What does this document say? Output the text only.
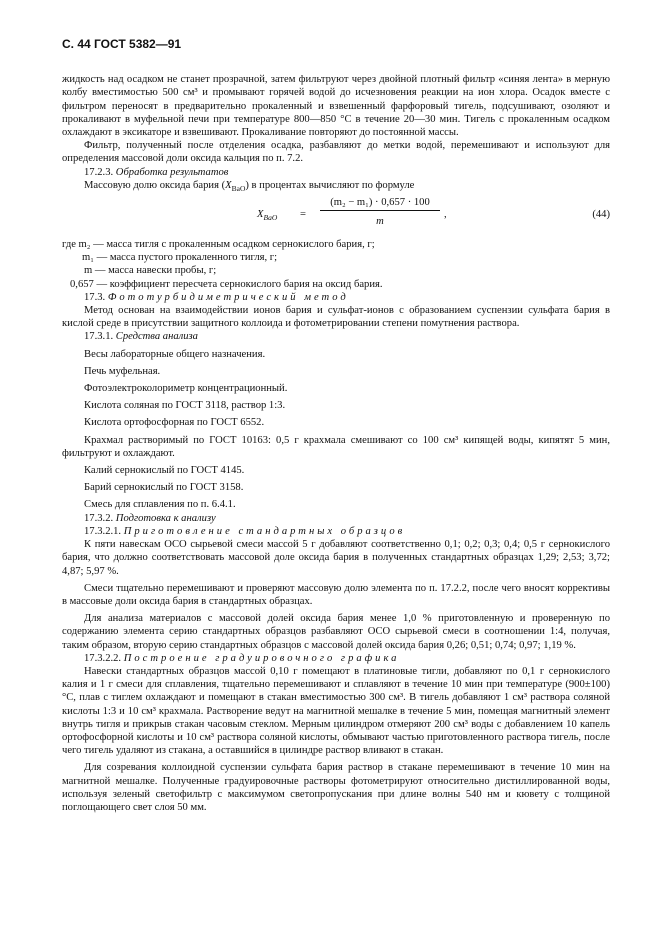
С. 44 ГОСТ 5382—91

жидкость над осадком не станет прозрачной, затем фильтруют через двойной плотный фильтр «синяя лента» в мерную колбу вместимостью 500 см³ и промывают горячей водой до исчезновения реакции на ион хлора. Осадок вместе с фильтром переносят в предварительно прокаленный и взвешенный фарфоровый тигель, подсушивают, озоляют и прокаливают в муфельной печи при температуре 800—850 °С в течение 20—30 мин. Тигель с прокаленным осадком охлаждают в эксикаторе и взвешивают. Прокаливание повторяют до постоянной массы.

Фильтр, полученный после отделения осадка, разбавляют до метки водой, перемешивают и используют для определения массовой доли оксида кальция по п. 7.2.

17.2.3. Обработка результатов

Массовую долю оксида бария $(X_{BaO})$ в процентах вычисляют по формуле

$X_{BaO}$ =
(m₂ − m₁) · 0,657 · 100
m
,	(44)
где m₂ — масса тигля с прокаленным осадком сернокислого бария, г;
m₁ — масса пустого прокаленного тигля, г;
m — масса навески пробы, г;
0,657 — коэффициент пересчета сернокислого бария на оксид бария.

17.3. Фотoтурбидиметрический метод

Метод основан на взаимодействии ионов бария и сульфат-ионов с образованием суспензии сульфата бария в кислой среде в присутствии защитного коллоида и фотометрировании степени помутнения раствора.

17.3.1. Средства анализа

Весы лабораторные общего назначения.

Печь муфельная.

Фотоэлектроколориметр концентрационный.

Кислота соляная по ГОСТ 3118, раствор 1:3.

Кислота ортофосфорная по ГОСТ 6552.

Крахмал растворимый по ГОСТ 10163: 0,5 г крахмала смешивают со 100 см³ кипящей воды, кипятят 5 мин, фильтруют и охлаждают.

Калий сернокислый по ГОСТ 4145.

Барий сернокислый по ГОСТ 3158.

Смесь для сплавления по п. 6.4.1.

17.3.2. Подготовка к анализу

17.3.2.1. Приготовление стандартных образцов

К пяти навескам ОСО сырьевой смеси массой 5 г добавляют соответственно 0,1; 0,2; 0,3; 0,4; 0,5 г сернокислого бария, что должно соответствовать массовой доле оксида бария в полученных стандартных образцах 1,29; 2,53; 3,72; 4,87; 5,97 %.

Смеси тщательно перемешивают и проверяют массовую долю элемента по п. 17.2.2, после чего вносят коррективы в массовые доли оксида бария в стандартных образцах.

Для анализа материалов с массовой долей оксида бария менее 1,0 % приготовленную и проверенную по содержанию элемента серию стандартных образцов разбавляют ОСО сырьевой смеси в соотношении 1:4, получая, таким образом, вторую серию стандартных образцов с массовой долей оксида бария 0,26; 0,51; 0,74; 0,97; 1,19 %.

17.3.2.2. Построение градуировочного графика

Навески стандартных образцов массой 0,10 г помещают в платиновые тигли, добавляют по 0,1 г сернокислого калия и 1 г смеси для сплавления, тщательно перемешивают и сплавляют в течение 10 мин при температуре (900±100) °С, плав с тиглем охлаждают и помещают в стакан вместимостью 300 см³. В тигель добавляют 1 см³ раствора соляной кислоты 1:3 и 10 см³ крахмала. Растворение ведут на магнитной мешалке в течение 5 мин, помещая магнитный элемент внутрь тигля и прикрыв стакан часовым стеклом. Мерным цилиндром отмеряют 200 см³ воды с добавлением 10 капель ортофосфорной кислоты и 10 см³ раствора соляной кислоты, обмывают частью приготовленного раствора тигель, после чего тигель удаляют из стакана, а оставшийся в цилиндре раствор вливают в стакан.

Для созревания коллоидной суспензии сульфата бария раствор в стакане перемешивают в течение 10 мин на магнитной мешалке. Полученные градуировочные растворы фотометрируют относительно дистиллированной воды, используя зеленый светофильтр с максимумом светопропускания при длине волны 540 нм и кювету с толщиной поглощающего свет слоя 50 мм.
